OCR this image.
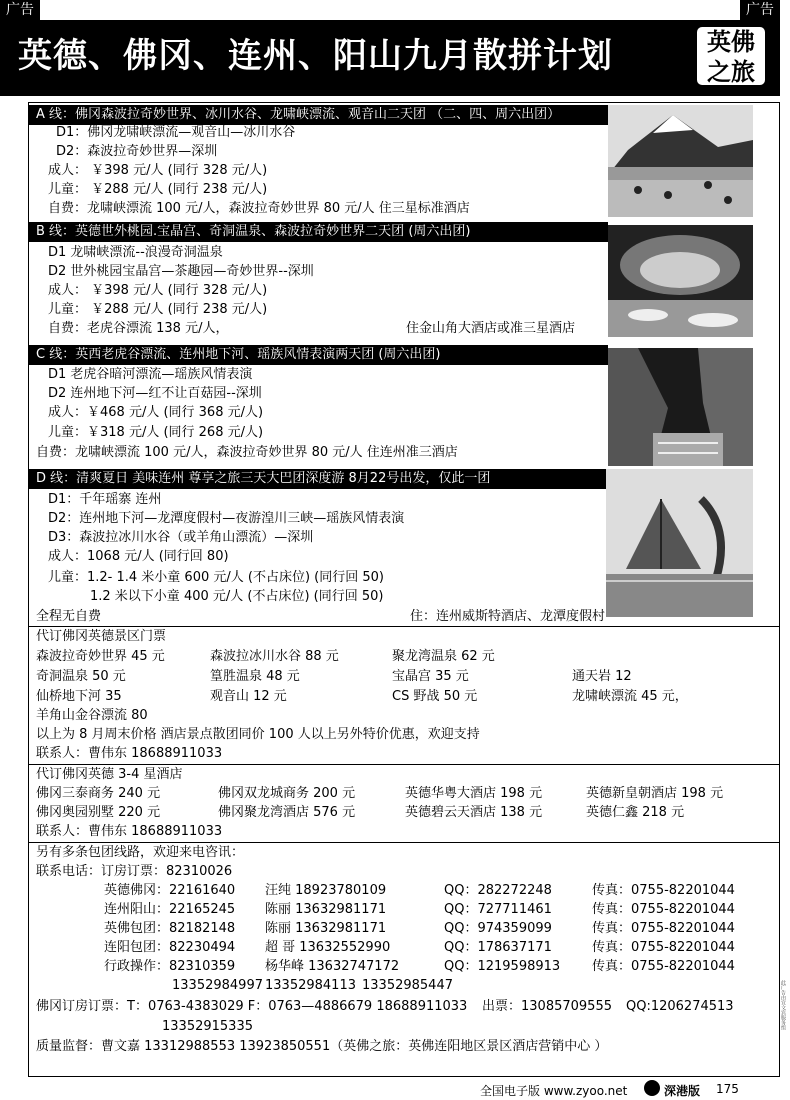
广告	广告
英德、佛冈、连州、阳山九月散拼计划	英佛
之旅
A 线：佛冈森波拉奇妙世界、冰川水谷、龙啸峡漂流、观音山二天团 （二、四、周六出团）
D1：佛冈龙啸峡漂流—观音山—冰川水谷
D2：森波拉奇妙世界—深圳
成人： ￥398 元/人 (同行 328 元/人)
儿童： ￥288 元/人 (同行 238 元/人)
自费：龙啸峡漂流 100 元/人，森波拉奇妙世界 80 元/人 住三星标准酒店
B 线：英德世外桃园.宝晶宫、奇洞温泉、森波拉奇妙世界二天团 (周六出团)
D1 龙啸峡漂流--浪漫奇洞温泉
D2 世外桃园宝晶宫—茶趣园—奇妙世界--深圳
成人： ￥398 元/人 (同行 328 元/人)
儿童： ￥288 元/人 (同行 238 元/人)
自费：老虎谷漂流 138 元/人，	住金山角大酒店或准三星酒店
C 线：英西老虎谷漂流、连州地下河、瑶族风情表演两天团 (周六出团)
D1 老虎谷暗河漂流—瑶族风情表演
D2 连州地下河—红不让百菇园--深圳
成人：￥468 元/人 (同行 368 元/人)
儿童：￥318 元/人 (同行 268 元/人)
自费：龙啸峡漂流 100 元/人，森波拉奇妙世界 80 元/人 住连州准三酒店
D 线：清爽夏日 美味连州 尊享之旅三天大巴团深度游 8月22号出发，仅此一团
D1：千年瑶寨 连州
D2：连州地下河—龙潭度假村—夜游湟川三峡—瑶族风情表演
D3：森波拉冰川水谷（或羊角山漂流）—深圳
成人：1068 元/人 (同行回 80)
儿童：1.2- 1.4 米小童 600 元/人 (不占床位) (同行回 50)
1.2 米以下小童 400 元/人 (不占床位) (同行回 50)
全程无自费	住：连州威斯特酒店、龙潭度假村
代订佛冈英德景区门票
森波拉奇妙世界 45 元	森波拉冰川水谷 88 元	聚龙湾温泉 62 元
奇洞温泉 50 元	篁胜温泉 48 元	宝晶宫 35 元	通天岩 12
仙桥地下河 35	观音山 12 元	CS 野战 50 元	龙啸峡漂流 45 元，
羊角山金谷漂流 80
以上为 8 月周末价格 酒店景点散团同价 100 人以上另外特价优惠，欢迎支持
联系人：曹伟东 18688911033
代订佛冈英德 3-4 星酒店
佛冈三泰商务 240 元	佛冈双龙城商务 200 元	英德华粤大酒店 198 元	英德新皇朝酒店 198 元
佛冈奥园别墅 220 元	佛冈聚龙湾酒店 576 元	英德碧云天酒店 138 元	英德仁鑫 218 元
联系人：曹伟东 18688911033
另有多条包团线路，欢迎来电咨讯：
联系电话：订房订票：82310026
英德佛冈：22161640 汪纯 18923780109	QQ：282272248	传真：0755-82201044
连州阳山：22165245 陈丽 13632981171	QQ：727711461	传真：0755-82201044
英佛包团：82182148 陈丽 13632981171	QQ：974359099	传真：0755-82201044
连阳包团：82230494 超 哥 13632552990	QQ：178637171	传真：0755-82201044
行政操作：82310359 杨华峰 13632747172	QQ：1219598913 传真：0755-82201044
13352984997 13352984113 13352985447
佛冈订房订票：T：0763-4383029 F：0763—4886679 18688911033 出票：13085709555 QQ:1206274513
13352915335
质量监督：曹文嘉 13312988553 13923850551（英佛之旅：英佛连阳地区景区酒店营销中心 ）
全国电子版 www.zyoo.net	深港版 175
此广告由宜文宾服务组
